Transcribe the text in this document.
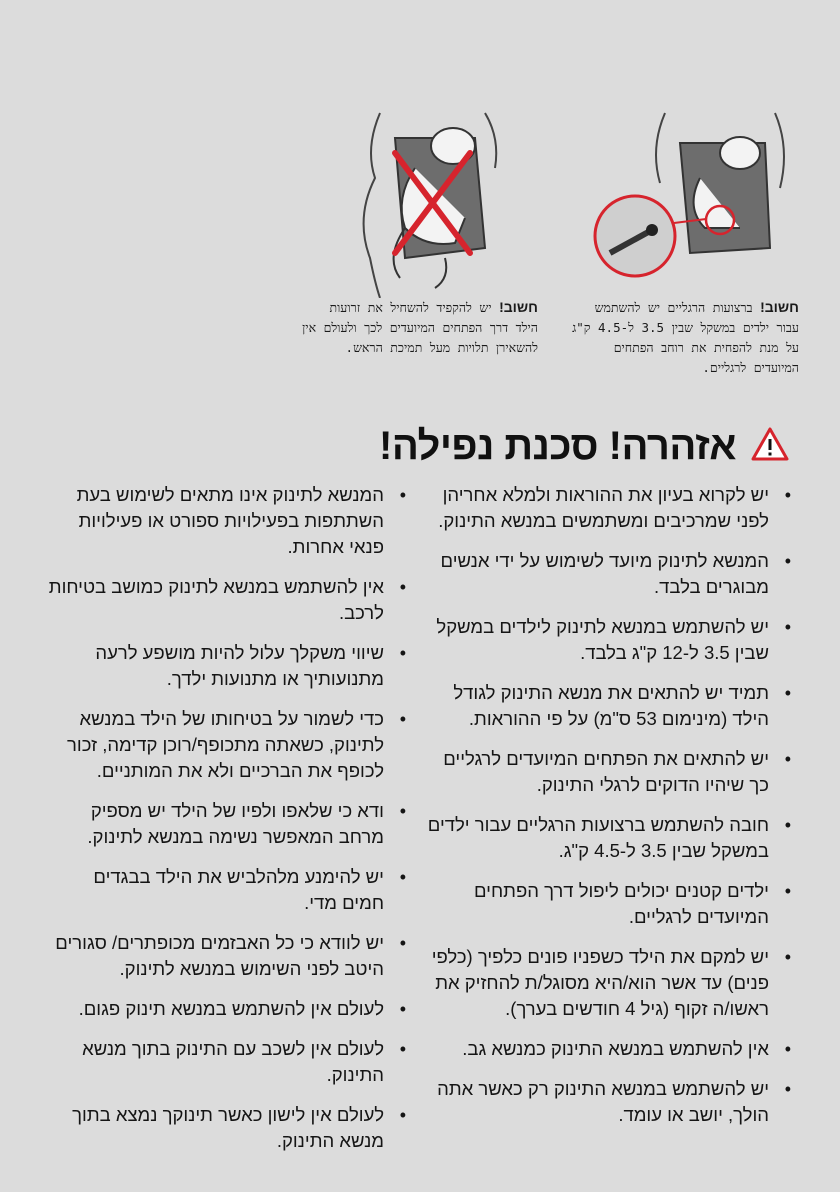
חשוב! יש להקפיד להשחיל את זרועות הילד דרך הפתחים המיועדים לכך ולעולם אין להשאירן תלויות מעל תמיכת הראש.
חשוב! ברצועות הרגליים יש להשתמש עבור ילדים במשקל שבין 3.5 ל-4.5 ק"ג על מנת להפחית את רוחב הפתחים המיועדים לרגליים.
אזהרה! סכנת נפילה!
•
יש לקרוא בעיון את ההוראות ולמלא אחריהן לפני שמרכיבים ומשתמשים במנשא התינוק.
•
המנשא לתינוק מיועד לשימוש על ידי אנשים מבוגרים בלבד.
•
יש להשתמש במנשא לתינוק לילדים במשקל שבין 3.5 ל-12 ק"ג בלבד.
•
תמיד יש להתאים את מנשא התינוק לגודל הילד (מינימום 53 ס"מ) על פי ההוראות.
•
יש להתאים את הפתחים המיועדים לרגליים כך שיהיו הדוקים לרגלי התינוק.
•
חובה להשתמש ברצועות הרגליים עבור ילדים במשקל שבין 3.5 ל-4.5 ק"ג.
•
ילדים קטנים יכולים ליפול דרך הפתחים המיועדים לרגליים.
•
יש למקם את הילד כשפניו פונים כלפיך (כלפי פנים) עד אשר הוא/היא מסוגל/ת להחזיק את ראשו/ה זקוף (גיל 4 חודשים בערך).
•
אין להשתמש במנשא התינוק כמנשא גב.
•
יש להשתמש במנשא התינוק רק כאשר אתה הולך, יושב או עומד.
•
המנשא לתינוק אינו מתאים לשימוש בעת השתתפות בפעילויות ספורט או פעילויות פנאי אחרות.
•
אין להשתמש במנשא לתינוק כמושב בטיחות לרכב.
•
שיווי משקלך עלול להיות מושפע לרעה מתנועותיך או מתנועות ילדך.
•
כדי לשמור על בטיחותו של הילד במנשא לתינוק, כשאתה מתכופף/רוכן קדימה, זכור לכופף את הברכיים ולא את המותניים.
•
ודא כי שלאפו ולפיו של הילד יש מספיק מרחב המאפשר נשימה במנשא לתינוק.
•
יש להימנע מלהלביש את הילד בבגדים חמים מדי.
•
יש לוודא כי כל האבזמים מכופתרים/ סגורים היטב לפני השימוש במנשא לתינוק.
•
לעולם אין להשתמש במנשא תינוק פגום.
•
לעולם אין לשכב עם התינוק בתוך מנשא התינוק.
•
לעולם אין לישון כאשר תינוקך נמצא בתוך מנשא התינוק.
